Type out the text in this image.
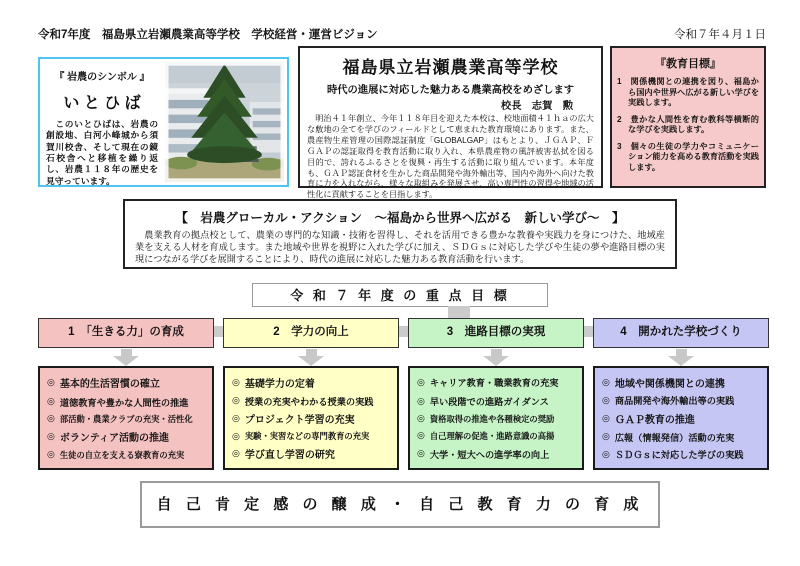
令和7年度　福島県立岩瀬農業高等学校　学校経営・運営ビジョン	令和７年４月１日
『 岩農のシンボル 』
い と ひ ば
　このいとひばは、岩農の創設地、白河小峰城から須賀川校舎、そして現在の鏡石校舎へと移植を繰り返し、岩農１１８年の歴史を見守っています。
福島県立岩瀬農業高等学校
時代の進展に対応した魅力ある農業高校をめざします
校長　志賀　勲
　明治４１年創立、今年１１８年目を迎えた本校は、校地面積４１ｈａの広大な敷地の全てを学びのフィールドとして恵まれた教育環境にあります。また、農産物生産管理の国際認証制度「GLOBALGAP」はもとより、ＪＧＡＰ、ＦＧＡＰの認証取得を教育活動に取り入れ、本県農産物の風評被害払拭を図る目的で、誇れるふるさとを復興・再生する活動に取り組んでいます。本年度も、ＧＡＰ認証食材を生かした商品開発や海外輸出等、国内や海外へ向けた教育に力を入れながら、様々な取組みを発展させ、高い専門性の習得や地域の活性化に貢献することを目指します。
『教育目標』
1　関係機関との連携を図り、福島から国内や世界へ広がる新しい学びを実践します。
2　豊かな人間性を育む教科等横断的な学びを実践します。
3　個々の生徒の学力やコミュニケーション能力を高める教育活動を実践します。
【　岩農グローカル・アクション　～福島から世界へ広がる　新しい学び～　】
　農業教育の拠点校として、農業の専門的な知識・技術を習得し、それを活用できる豊かな教養や実践力を身につけた、地域産業を支える人材を育成します。また地域や世界を視野に入れた学びに加え、ＳＤＧｓに対応した学びや生徒の夢や進路目標の実現につながる学びを展開することにより、時代の進展に対応した魅力ある教育活動を行います。
令 和 ７ 年 度 の 重 点 目 標
1　「生きる力」の育成	2　学力の向上	3　進路目標の実現	4　開かれた学校づくり
◎ 基本的生活習慣の確立
◎ 道徳教育や豊かな人間性の推進
◎ 部活動・農業クラブの充実・活性化
◎ ボランティア活動の推進
◎ 生徒の自立を支える寮教育の充実
◎ 基礎学力の定着
◎ 授業の充実やわかる授業の実践
◎ プロジェクト学習の充実
◎ 実験・実習などの専門教育の充実
◎ 学び直し学習の研究
◎ キャリア教育・職業教育の充実
◎ 早い段階での進路ガイダンス
◎ 資格取得の推進や各種検定の奨励
◎ 自己理解の促進・進路意識の高揚
◎ 大学・短大への進学率の向上
◎ 地域や関係機関との連携
◎ 商品開発や海外輸出等の実践
◎ ＧＡＰ教育の推進
◎ 広報（情報発信）活動の充実
◎ ＳＤＧｓに対応した学びの実践
自 己 肯 定 感 の 醸 成 ・ 自 己 教 育 力 の 育 成
